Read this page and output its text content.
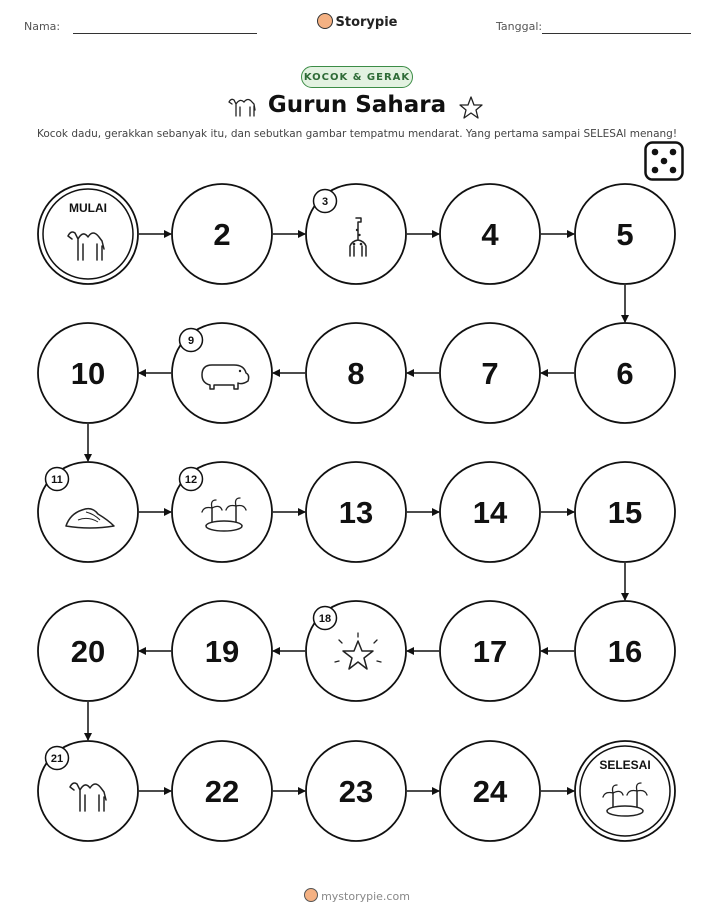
Nama:	Storypie	Tanggal:
KOCOK & GERAK
Gurun Sahara
Kocok dadu, gerakkan sebanyak itu, dan sebutkan gambar tempatmu mendarat. Yang pertama sampai SELESAI menang!
MULAI
2
3
4	5
6
7
8
9
10
11	12
13	14	15
16
17
18
19
20
21
22	23	24
SELESAI
mystorypie.com
